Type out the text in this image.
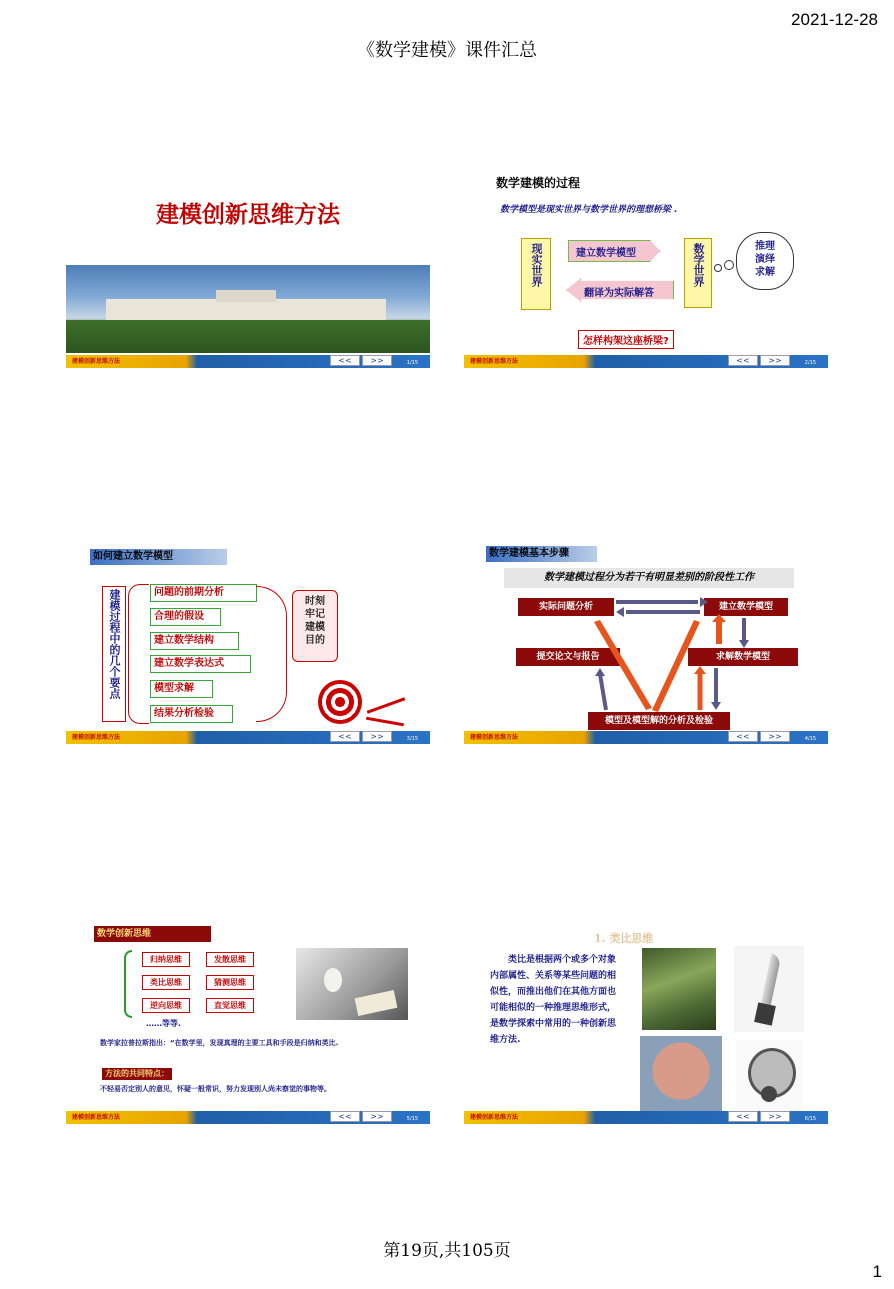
2021-12-28
《数学建模》课件汇总
建模创新思维方法
建模创新思维方法	<<	>>	1/15
数学建模的过程
数学模型是现实世界与数学世界的理想桥梁 .
现实世界	建立数学模型
翻译为实际解答
数学世界	推理演绎求解
怎样构架这座桥梁?
建模创新思维方法	<<	>>	2/15
如何建立数学模型
建模过程中的几个要点	问题的前期分析
合理的假设
建立数学结构
建立数学表达式
模型求解
结果分析检验
时刻牢记建模目的
建模创新思维方法	<<	>>	3/15
数学建模基本步骤
数学建模过程分为若干有明显差别的阶段性工作
实际问题分析	建立数学模型
提交论文与报告	求解数学模型
模型及模型解的分析及检验
建模创新思维方法	<<	>>	4/15
数学创新思维
归纳思维	发散思维
类比思维	猜测思维
逆向思维	直觉思维
……等等.
数学家拉普拉斯指出：“在数学里，发现真理的主要工具和手段是归纳和类比.
方法的共同特点：
不轻易否定别人的意见，怀疑一般常识，努力发现别人尚未察觉的事物等。
建模创新思维方法	<<	>>	5/15
1. 类比思维
类比是根据两个或多个对象内部属性、关系等某些问题的相似性，而推出他们在其他方面也可能相似的一种推理思维形式，是数学探索中常用的一种创新思维方法.
建模创新思维方法	<<	>>	6/15
第19页,共105页
1
